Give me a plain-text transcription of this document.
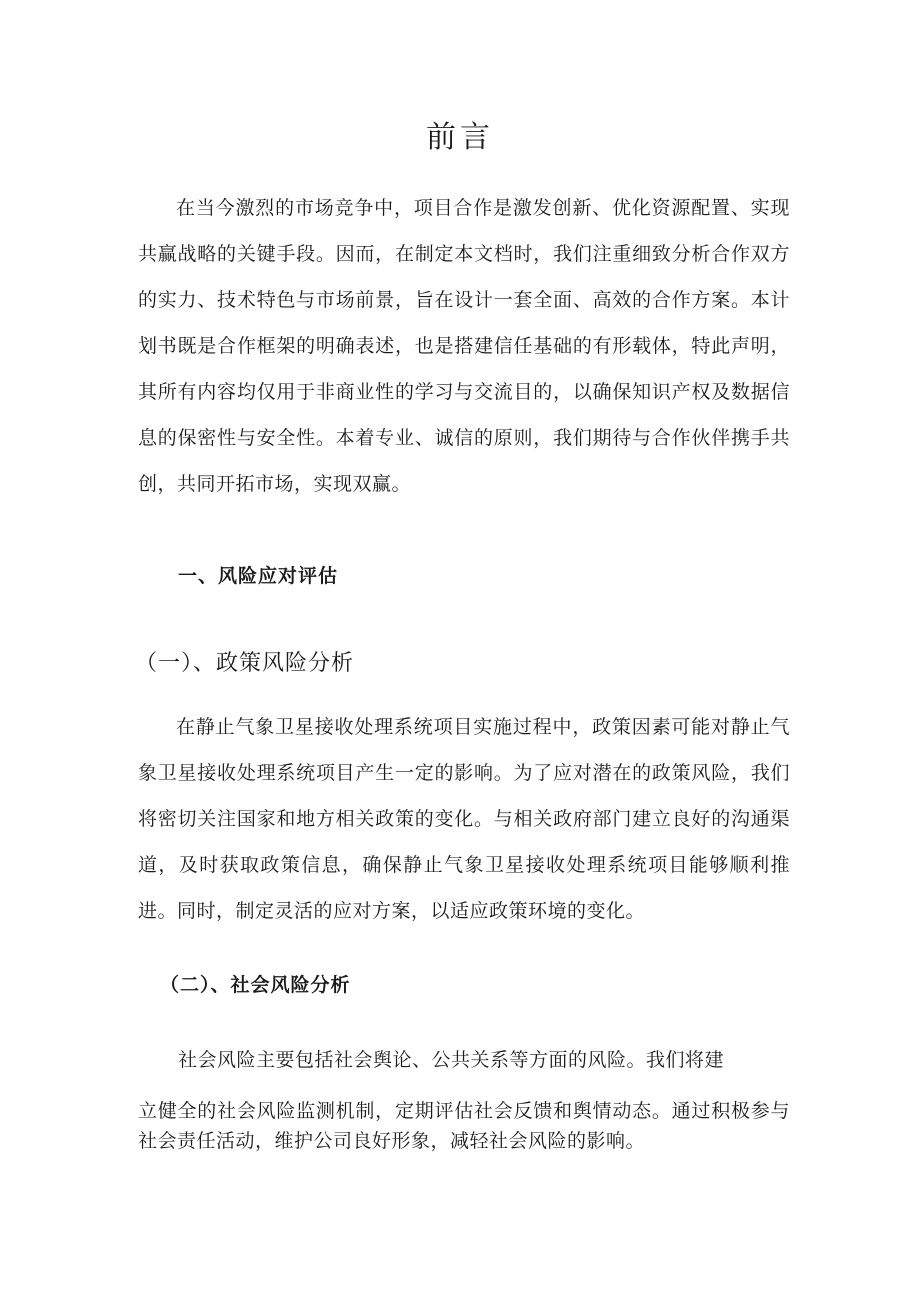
前言

在当今激烈的市场竞争中，项目合作是激发创新、优化资源配置、实现共赢战略的关键手段。因而，在制定本文档时，我们注重细致分析合作双方的实力、技术特色与市场前景，旨在设计一套全面、高效的合作方案。本计划书既是合作框架的明确表述，也是搭建信任基础的有形载体，特此声明，其所有内容均仅用于非商业性的学习与交流目的，以确保知识产权及数据信息的保密性与安全性。本着专业、诚信的原则，我们期待与合作伙伴携手共创，共同开拓市场，实现双赢。

一、风险应对评估
（一）、政策风险分析

在静止气象卫星接收处理系统项目实施过程中，政策因素可能对静止气象卫星接收处理系统项目产生一定的影响。为了应对潜在的政策风险，我们将密切关注国家和地方相关政策的变化。与相关政府部门建立良好的沟通渠道，及时获取政策信息，确保静止气象卫星接收处理系统项目能够顺利推进。同时，制定灵活的应对方案，以适应政策环境的变化。

（二）、社会风险分析
社会风险主要包括社会舆论、公共关系等方面的风险。我们将建

立健全的社会风险监测机制，定期评估社会反馈和舆情动态。通过积极参与社会责任活动，维护公司良好形象，减轻社会风险的影响。
